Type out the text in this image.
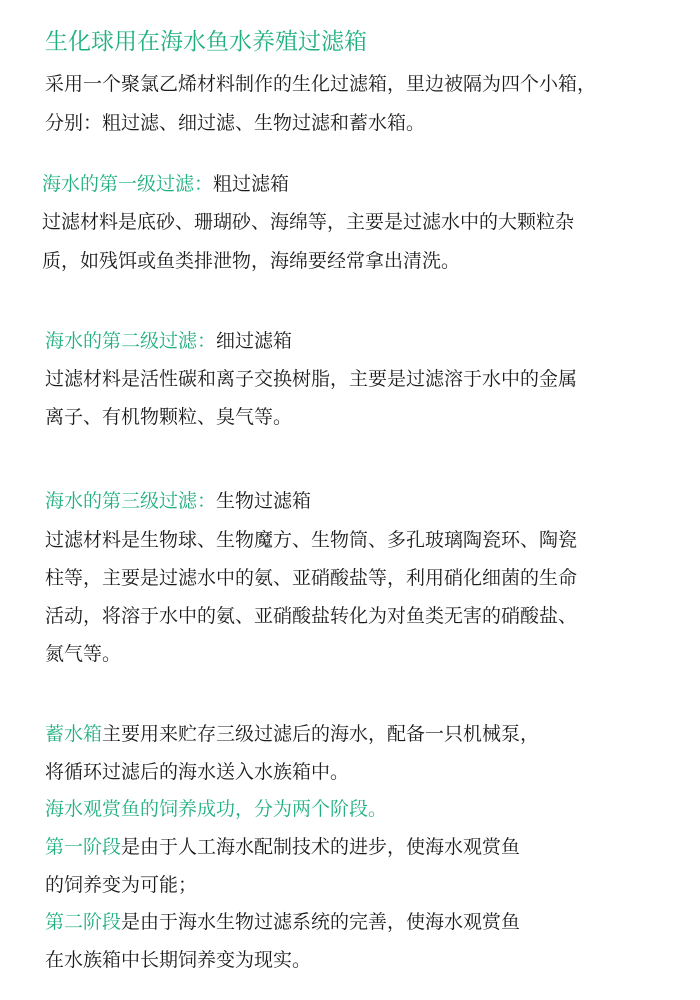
生化球用在海水鱼水养殖过滤箱
采用一个聚氯乙烯材料制作的生化过滤箱，里边被隔为四个小箱，
分别：粗过滤、细过滤、生物过滤和蓄水箱。
海水的第一级过滤：粗过滤箱
过滤材料是底砂、珊瑚砂、海绵等，主要是过滤水中的大颗粒杂
质，如残饵或鱼类排泄物，海绵要经常拿出清洗。
海水的第二级过滤：细过滤箱
过滤材料是活性碳和离子交换树脂，主要是过滤溶于水中的金属
离子、有机物颗粒、臭气等。
海水的第三级过滤：生物过滤箱
过滤材料是生物球、生物魔方、生物筒、多孔玻璃陶瓷环、陶瓷
柱等，主要是过滤水中的氨、亚硝酸盐等，利用硝化细菌的生命
活动，将溶于水中的氨、亚硝酸盐转化为对鱼类无害的硝酸盐、
氮气等。
蓄水箱主要用来贮存三级过滤后的海水，配备一只机械泵，
将循环过滤后的海水送入水族箱中。
海水观赏鱼的饲养成功，分为两个阶段。
第一阶段是由于人工海水配制技术的进步，使海水观赏鱼
的饲养变为可能；
第二阶段是由于海水生物过滤系统的完善，使海水观赏鱼
在水族箱中长期饲养变为现实。
